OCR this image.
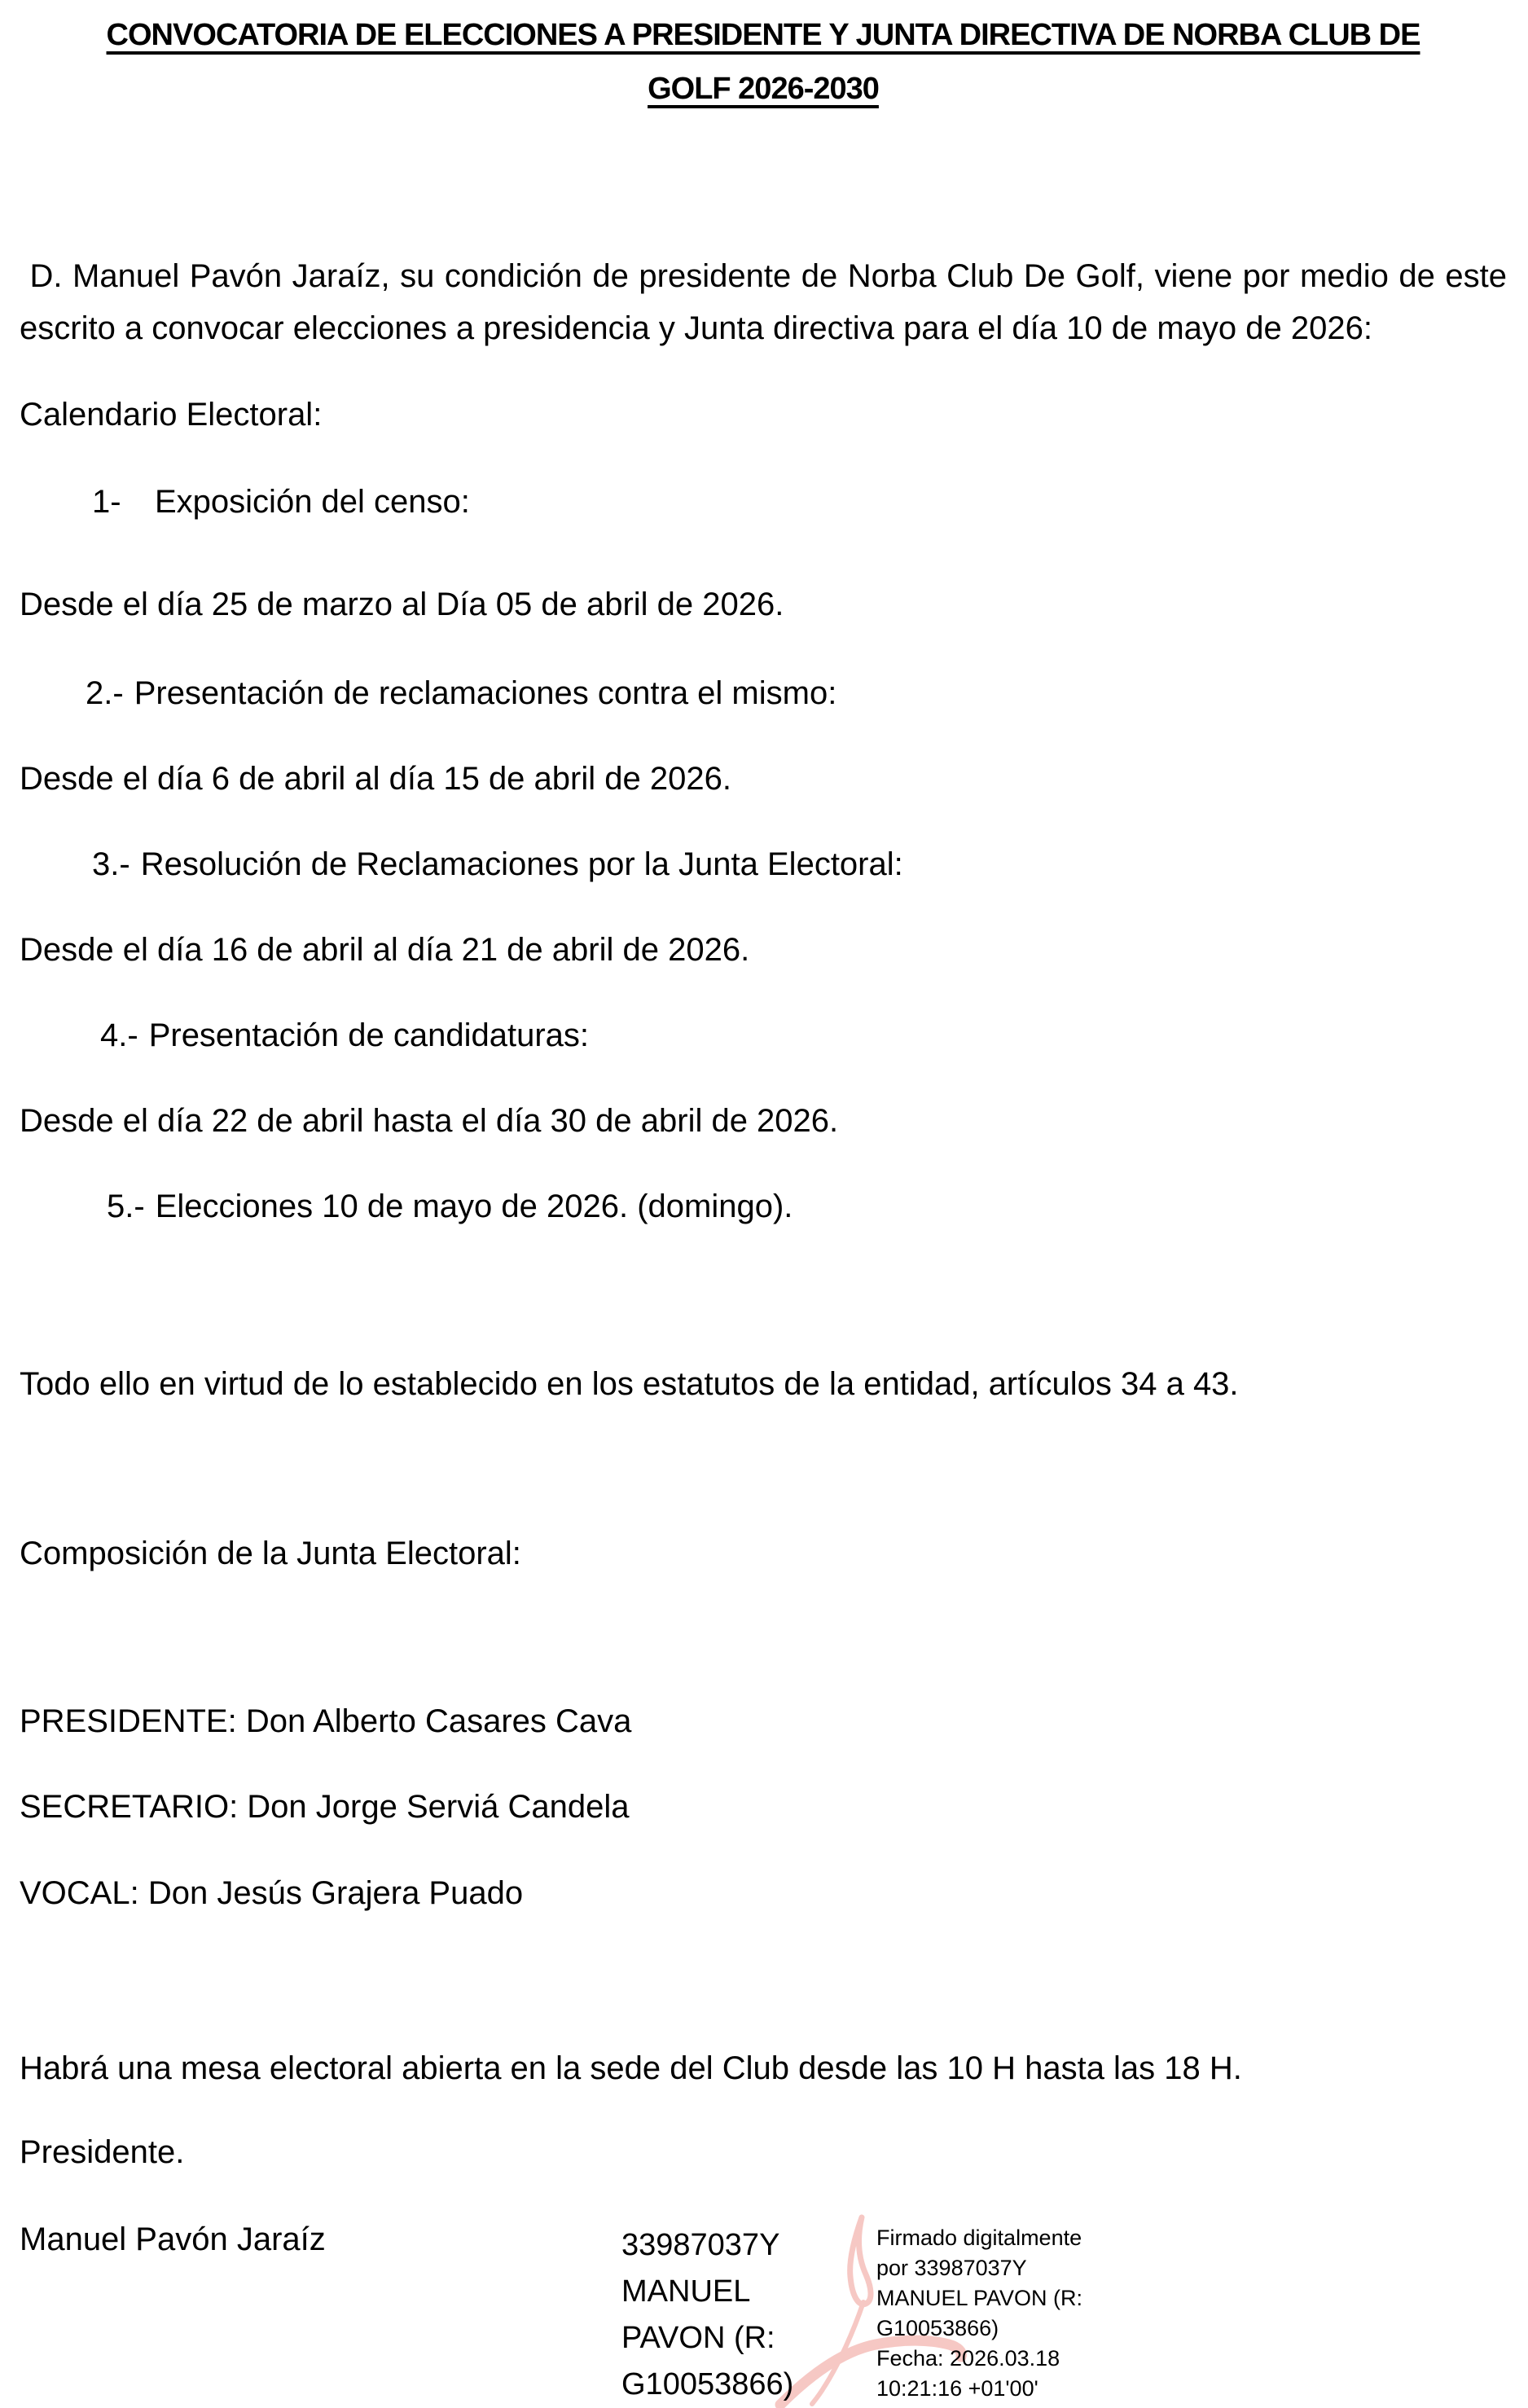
CONVOCATORIA DE ELECCIONES A PRESIDENTE Y JUNTA DIRECTIVA DE NORBA CLUB DE
GOLF 2026-2030

D. Manuel Pavón Jaraíz, su condición de presidente de Norba Club De Golf, viene por medio de este escrito a convocar elecciones a presidencia y Junta directiva para el día 10 de mayo de 2026:

Calendario Electoral:

1- Exposición del censo:

Desde el día 25 de marzo al Día 05 de abril de 2026.

2.- Presentación de reclamaciones contra el mismo:

Desde el día 6 de abril al día 15 de abril de 2026.

3.- Resolución de Reclamaciones por la Junta Electoral:

Desde el día 16 de abril al día 21 de abril de 2026.

4.- Presentación de candidaturas:

Desde el día 22 de abril hasta el día 30 de abril de 2026.

5.- Elecciones 10 de mayo de 2026. (domingo).

Todo ello en virtud de lo establecido en los estatutos de la entidad, artículos 34 a 43.

Composición de la Junta Electoral:

PRESIDENTE: Don Alberto Casares Cava

SECRETARIO: Don Jorge Serviá Candela

VOCAL: Don Jesús Grajera Puado

Habrá una mesa electoral abierta en la sede del Club desde las 10 H hasta las 18 H.

Presidente.

Manuel Pavón Jaraíz	33987037Y
MANUEL
PAVON (R:
G10053866)
Firmado digitalmente
por 33987037Y
MANUEL PAVON (R:
G10053866)
Fecha: 2026.03.18
10:21:16 +01'00'
